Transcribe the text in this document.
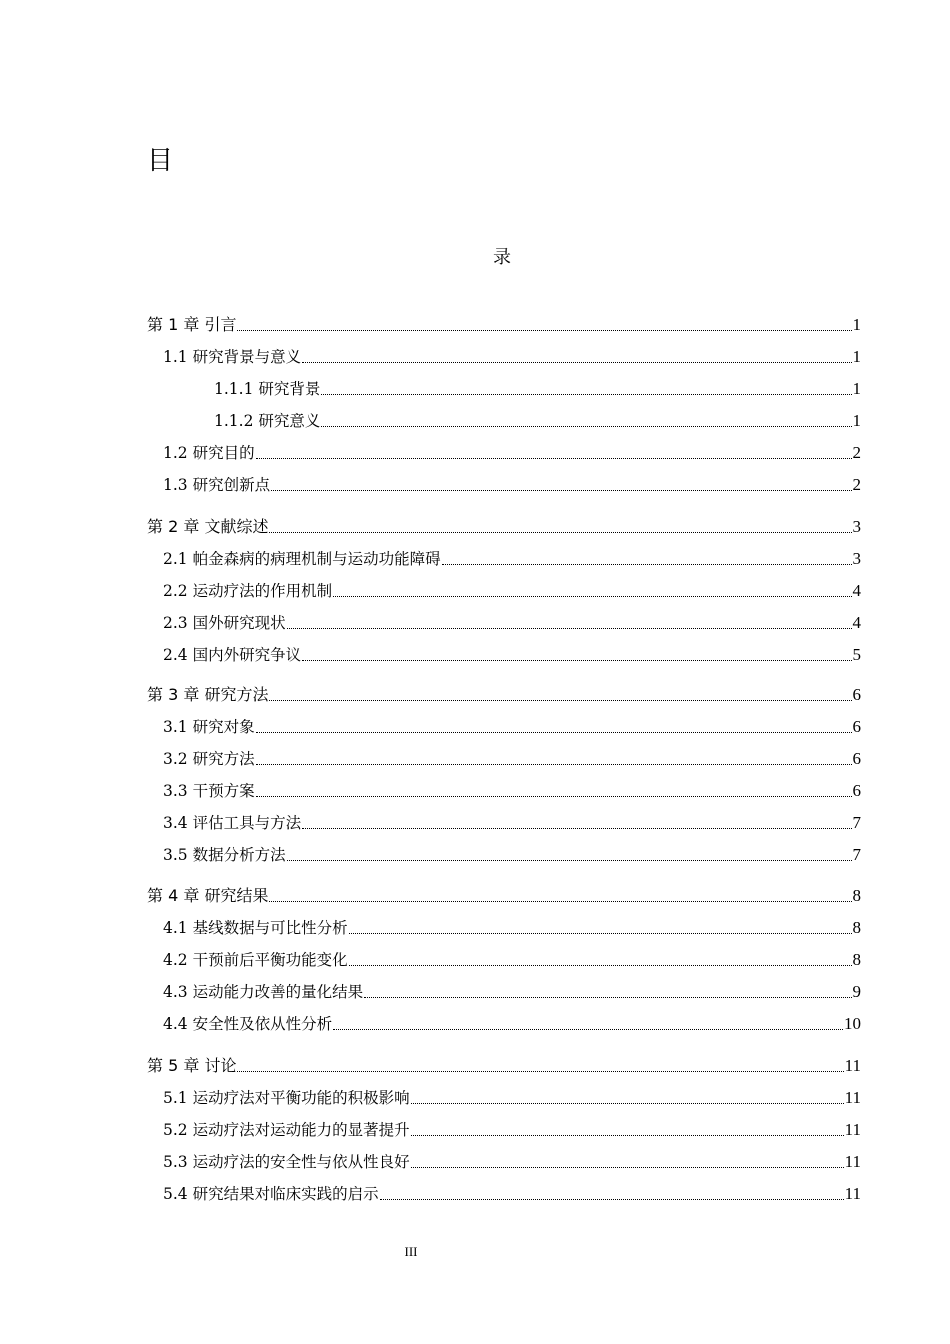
目
录
第 1 章 引言	1
1.1 研究背景与意义	1
1.1.1 研究背景	1
1.1.2 研究意义	1
1.2 研究目的	2
1.3 研究创新点	2
第 2 章 文献综述	3
2.1 帕金森病的病理机制与运动功能障碍	3
2.2 运动疗法的作用机制	4
2.3 国外研究现状	4
2.4 国内外研究争议	5
第 3 章 研究方法	6
3.1 研究对象	6
3.2 研究方法	6
3.3 干预方案	6
3.4 评估工具与方法	7
3.5 数据分析方法	7
第 4 章 研究结果	8
4.1 基线数据与可比性分析	8
4.2 干预前后平衡功能变化	8
4.3 运动能力改善的量化结果	9
4.4 安全性及依从性分析	10
第 5 章 讨论	11
5.1 运动疗法对平衡功能的积极影响	11
5.2 运动疗法对运动能力的显著提升	11
5.3 运动疗法的安全性与依从性良好	11
5.4 研究结果对临床实践的启示	11
III
